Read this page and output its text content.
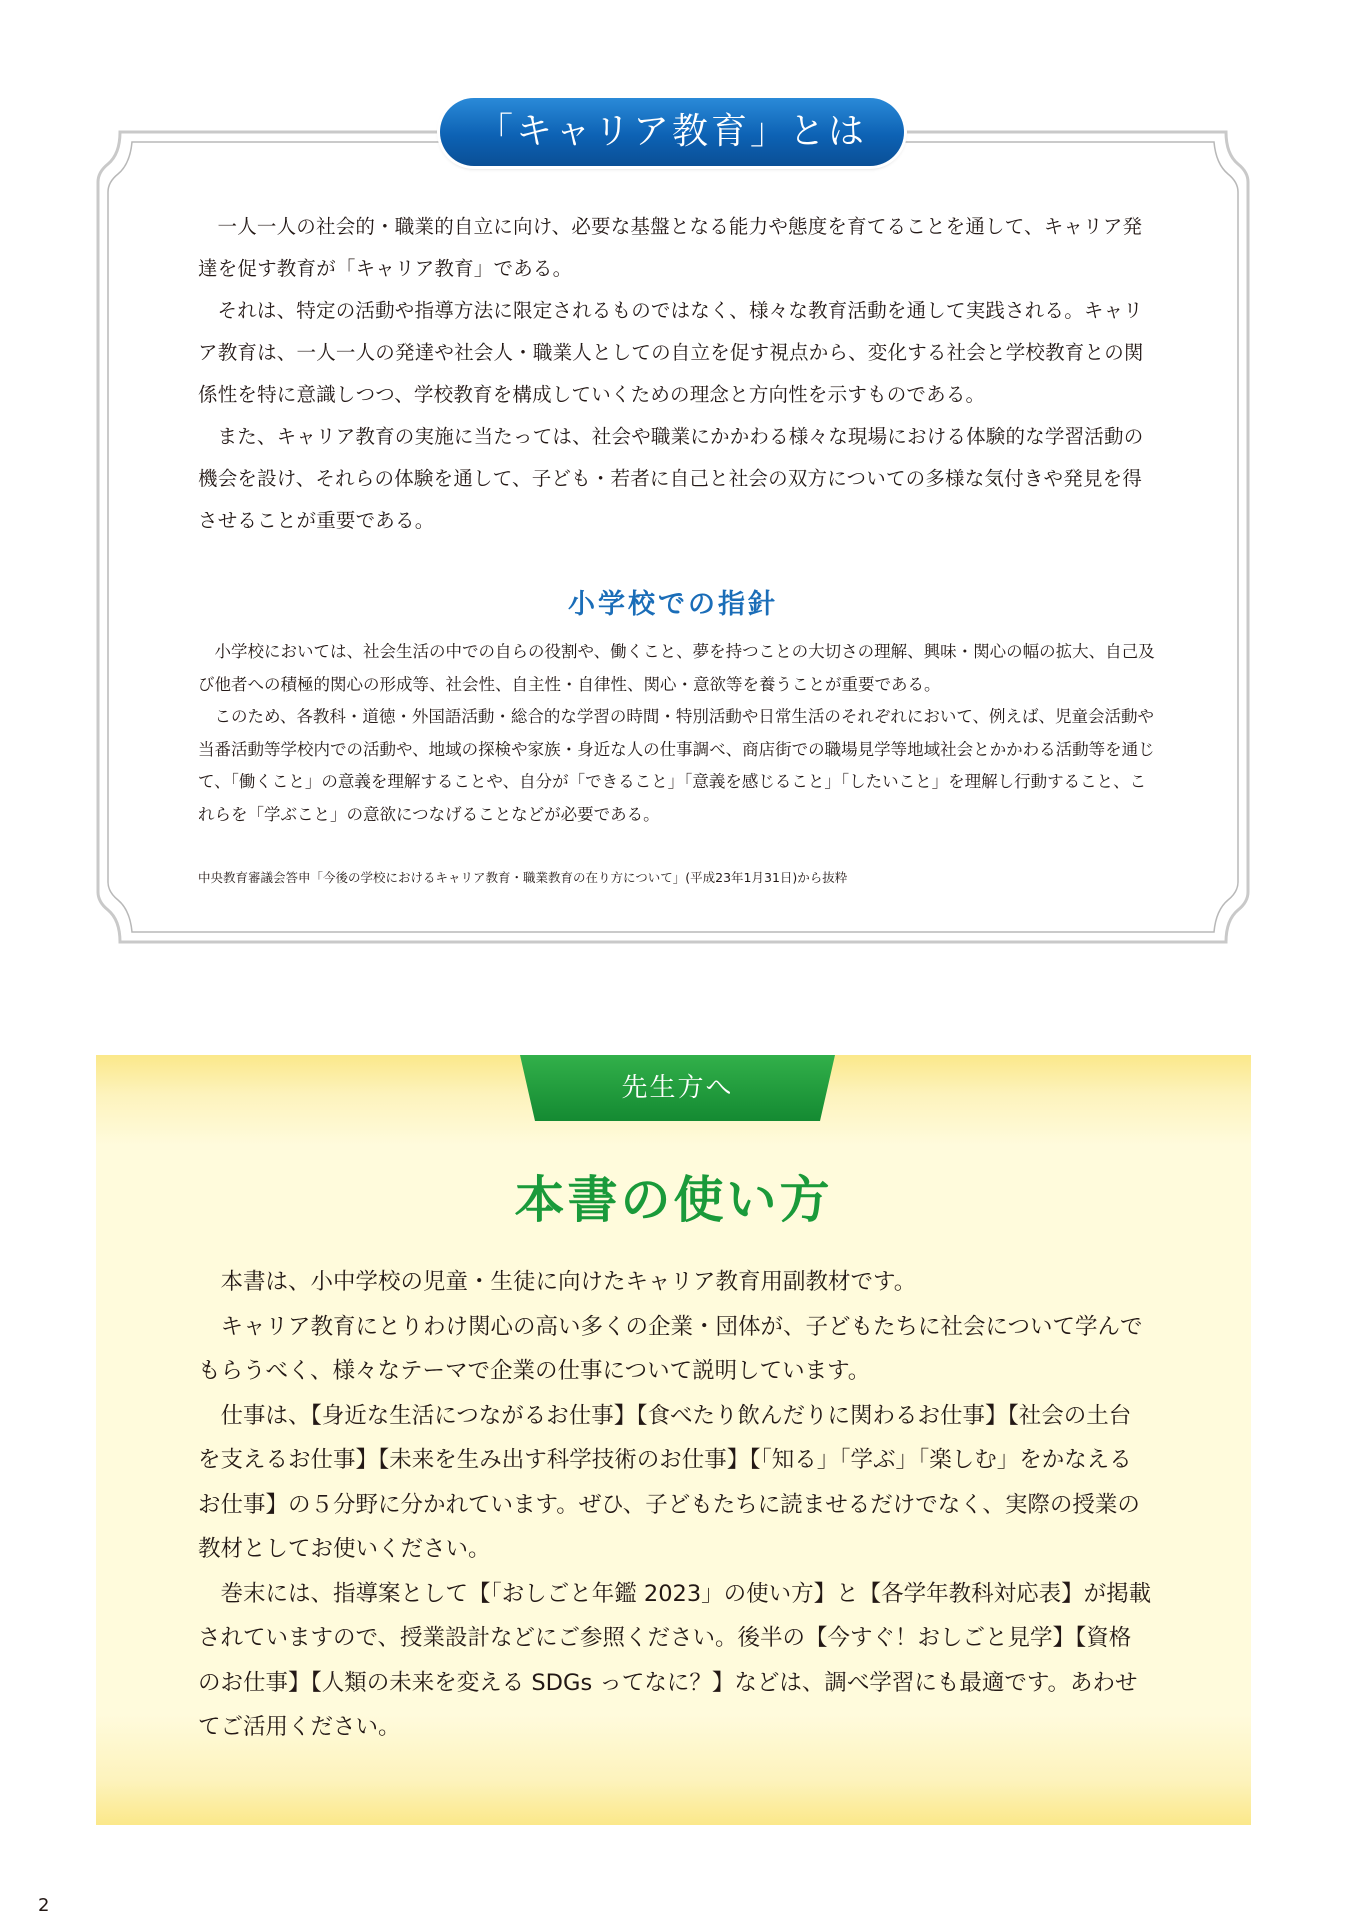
「キャリア教育」とは

一人一人の社会的・職業的自立に向け、必要な基盤となる能力や態度を育てることを通して、キャリア発達を促す教育が「キャリア教育」である。

それは、特定の活動や指導方法に限定されるものではなく、様々な教育活動を通して実践される。キャリア教育は、一人一人の発達や社会人・職業人としての自立を促す視点から、変化する社会と学校教育との関係性を特に意識しつつ、学校教育を構成していくための理念と方向性を示すものである。

また、キャリア教育の実施に当たっては、社会や職業にかかわる様々な現場における体験的な学習活動の機会を設け、それらの体験を通して、子ども・若者に自己と社会の双方についての多様な気付きや発見を得させることが重要である。

小学校での指針

小学校においては、社会生活の中での自らの役割や、働くこと、夢を持つことの大切さの理解、興味・関心の幅の拡大、自己及び他者への積極的関心の形成等、社会性、自主性・自律性、関心・意欲等を養うことが重要である。

このため、各教科・道徳・外国語活動・総合的な学習の時間・特別活動や日常生活のそれぞれにおいて、例えば、児童会活動や当番活動等学校内での活動や、地域の探検や家族・身近な人の仕事調べ、商店街での職場見学等地域社会とかかわる活動等を通じて、「働くこと」の意義を理解することや、自分が「できること」「意義を感じること」「したいこと」を理解し行動すること、これらを「学ぶこと」の意欲につなげることなどが必要である。

中央教育審議会答申「今後の学校におけるキャリア教育・職業教育の在り方について」(平成23年1月31日)から抜粋
先生方へ
本書の使い方

本書は、小中学校の児童・生徒に向けたキャリア教育用副教材です。

キャリア教育にとりわけ関心の高い多くの企業・団体が、子どもたちに社会について学んでもらうべく、様々なテーマで企業の仕事について説明しています。

仕事は、【身近な生活につながるお仕事】【食べたり飲んだりに関わるお仕事】【社会の土台を支えるお仕事】【未来を生み出す科学技術のお仕事】【「知る」「学ぶ」「楽しむ」をかなえるお仕事】の５分野に分かれています。ぜひ、子どもたちに読ませるだけでなく、実際の授業の教材としてお使いください。

巻末には、指導案として【「おしごと年鑑 2023」の使い方】と【各学年教科対応表】が掲載されていますので、授業設計などにご参照ください。後半の【今すぐ！おしごと見学】【資格のお仕事】【人類の未来を変える SDGs ってなに？】などは、調べ学習にも最適です。あわせてご活用ください。

2
